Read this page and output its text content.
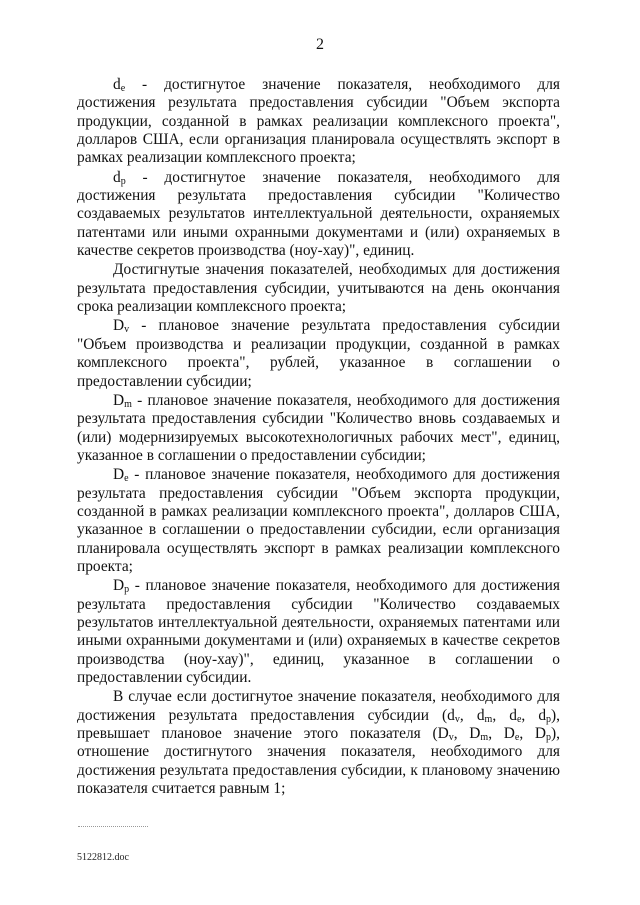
2

$d_e$ - достигнутое значение показателя, необходимого для достижения результата предоставления субсидии "Объем экспорта продукции, созданной в рамках реализации комплексного проекта", долларов США, если организация планировала осуществлять экспорт в рамках реализации комплексного проекта;

$d_p$ - достигнутое значение показателя, необходимого для достижения результата предоставления субсидии "Количество создаваемых результатов интеллектуальной деятельности, охраняемых патентами или иными охранными документами и (или) охраняемых в качестве секретов производства (ноу-хау)", единиц.

Достигнутые значения показателей, необходимых для достижения результата предоставления субсидии, учитываются на день окончания срока реализации комплексного проекта;

$D_v$ - плановое значение результата предоставления субсидии "Объем производства и реализации продукции, созданной в рамках комплексного проекта", рублей, указанное в соглашении о предоставлении субсидии;

$D_m$ - плановое значение показателя, необходимого для достижения результата предоставления субсидии "Количество вновь создаваемых и (или) модернизируемых высокотехнологичных рабочих мест", единиц, указанное в соглашении о предоставлении субсидии;

$D_e$ - плановое значение показателя, необходимого для достижения результата предоставления субсидии "Объем экспорта продукции, созданной в рамках реализации комплексного проекта", долларов США, указанное в соглашении о предоставлении субсидии, если организация планировала осуществлять экспорт в рамках реализации комплексного проекта;

$D_p$ - плановое значение показателя, необходимого для достижения результата предоставления субсидии "Количество создаваемых результатов интеллектуальной деятельности, охраняемых патентами или иными охранными документами и (или) охраняемых в качестве секретов производства (ноу-хау)", единиц, указанное в соглашении о предоставлении субсидии.

В случае если достигнутое значение показателя, необходимого для достижения результата предоставления субсидии ($d_v$, $d_m$, $d_e$, $d_p$), превышает плановое значение этого показателя ($D_v$, $D_m$, $D_e$, $D_p$), отношение достигнутого значения показателя, необходимого для достижения результата предоставления субсидии, к плановому значению показателя считается равным 1;

5122812.doc
